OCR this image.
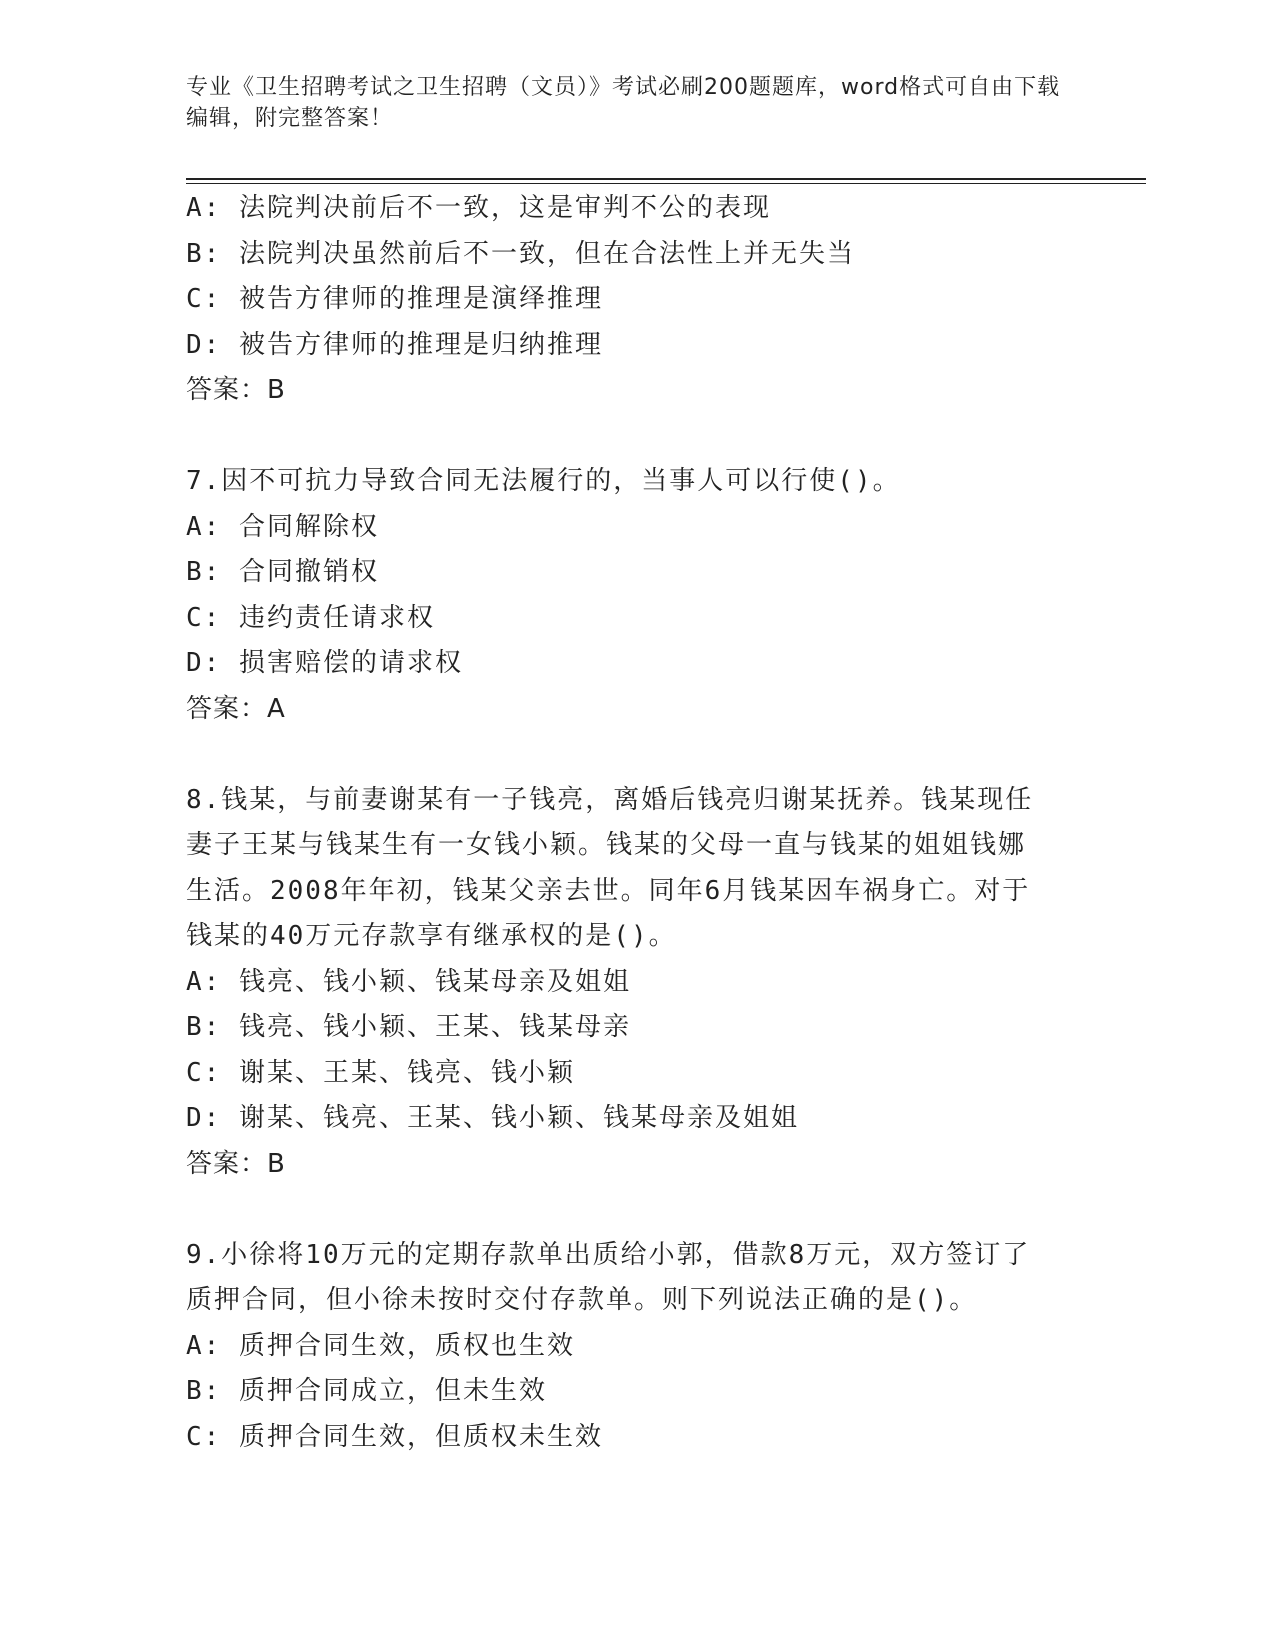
专业《卫生招聘考试之卫生招聘（文员）》考试必刷200题题库，word格式可自由下载编辑，附完整答案！
A: 法院判决前后不一致，这是审判不公的表现
B: 法院判决虽然前后不一致，但在合法性上并无失当
C: 被告方律师的推理是演绎推理
D: 被告方律师的推理是归纳推理
答案：B
7.因不可抗力导致合同无法履行的，当事人可以行使()。
A: 合同解除权
B: 合同撤销权
C: 违约责任请求权
D: 损害赔偿的请求权
答案：A
8.钱某，与前妻谢某有一子钱亮，离婚后钱亮归谢某抚养。钱某现任
妻子王某与钱某生有一女钱小颖。钱某的父母一直与钱某的姐姐钱娜
生活。2008年年初，钱某父亲去世。同年6月钱某因车祸身亡。对于
钱某的40万元存款享有继承权的是()。
A: 钱亮、钱小颖、钱某母亲及姐姐
B: 钱亮、钱小颖、王某、钱某母亲
C: 谢某、王某、钱亮、钱小颖
D: 谢某、钱亮、王某、钱小颖、钱某母亲及姐姐
答案：B
9.小徐将10万元的定期存款单出质给小郭，借款8万元，双方签订了
质押合同，但小徐未按时交付存款单。则下列说法正确的是()。
A: 质押合同生效，质权也生效
B: 质押合同成立，但未生效
C: 质押合同生效，但质权未生效
